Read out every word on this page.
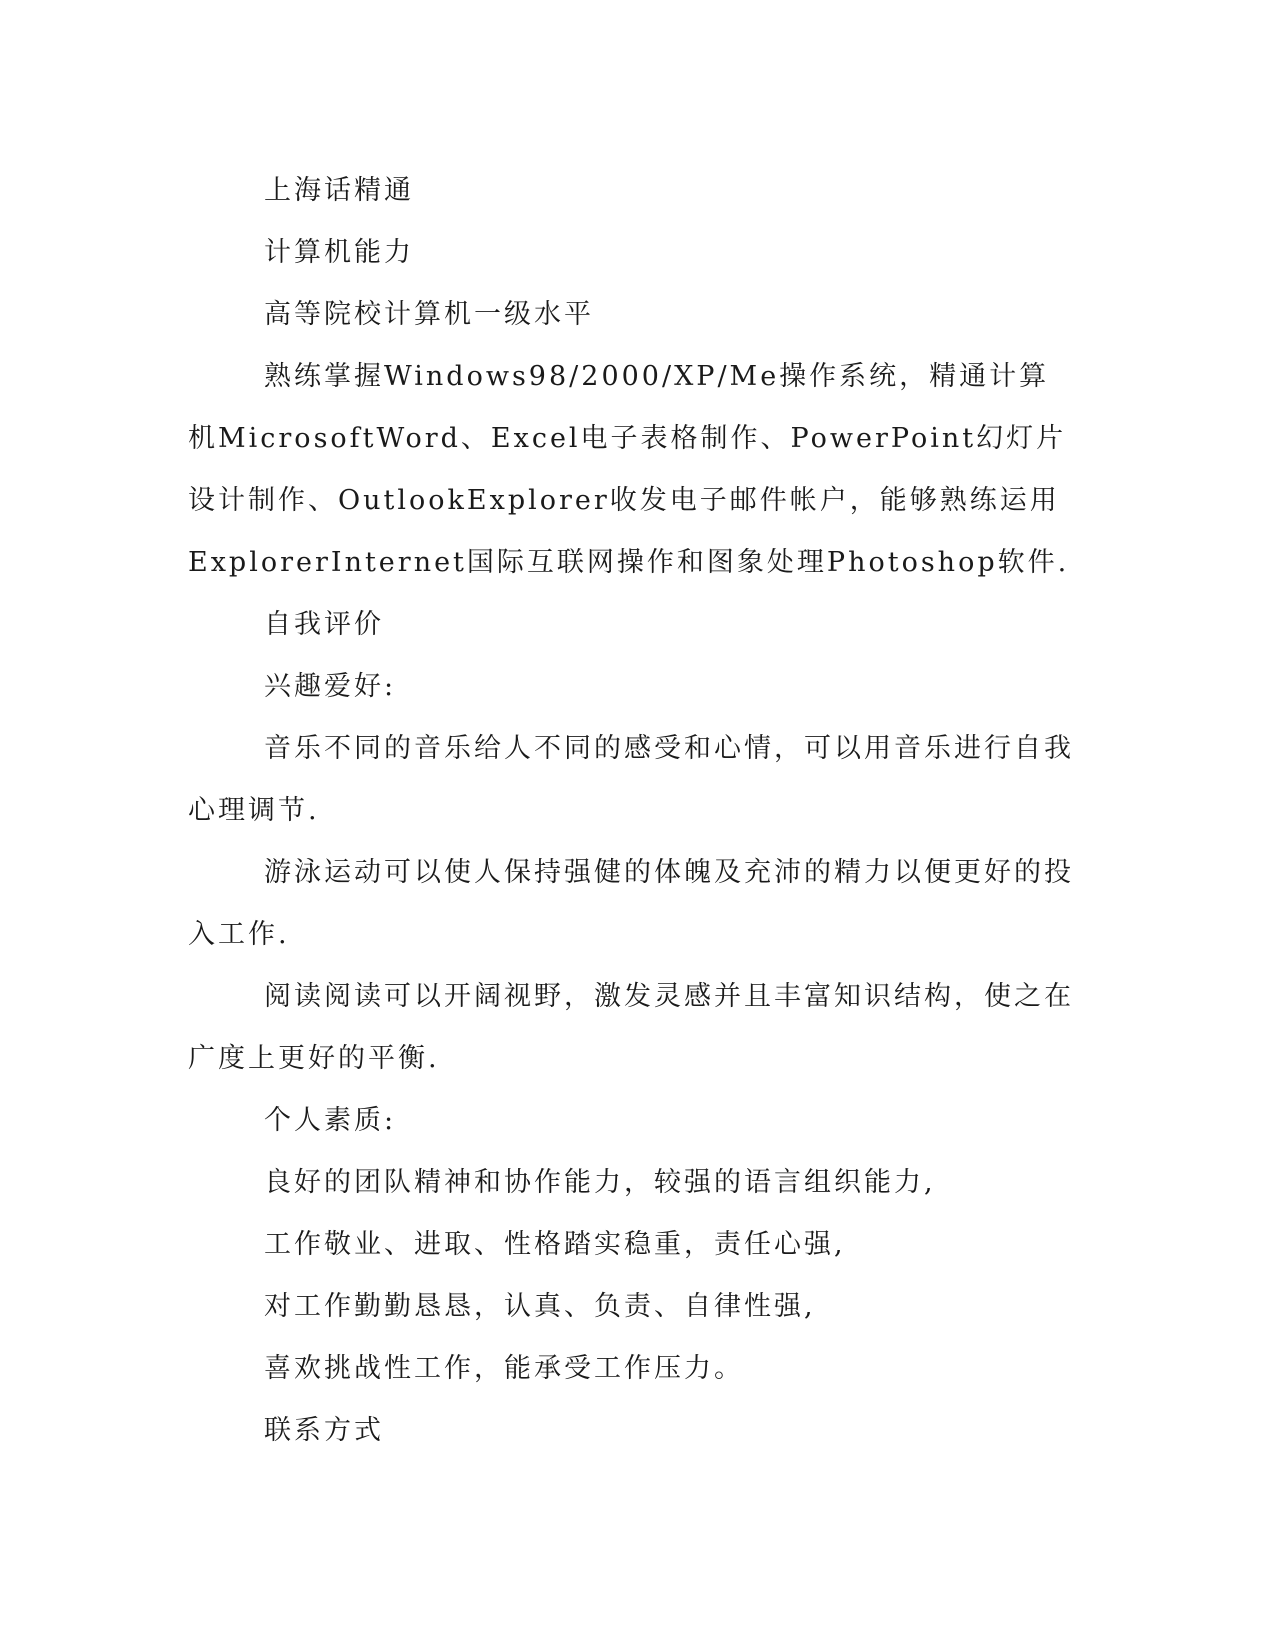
上海话精通

计算机能力

高等院校计算机一级水平

熟练掌握Windows98/2000/XP/Me操作系统，精通计算机MicrosoftWord、Excel电子表格制作、PowerPoint幻灯片设计制作、OutlookExplorer收发电子邮件帐户，能够熟练运用ExplorerInternet国际互联网操作和图象处理Photoshop软件.

自我评价

兴趣爱好:

音乐不同的音乐给人不同的感受和心情，可以用音乐进行自我心理调节.

游泳运动可以使人保持强健的体魄及充沛的精力以便更好的投入工作.

阅读阅读可以开阔视野，激发灵感并且丰富知识结构，使之在广度上更好的平衡.

个人素质:

良好的团队精神和协作能力，较强的语言组织能力,

工作敬业、进取、性格踏实稳重，责任心强,

对工作勤勤恳恳，认真、负责、自律性强,

喜欢挑战性工作，能承受工作压力。

联系方式
